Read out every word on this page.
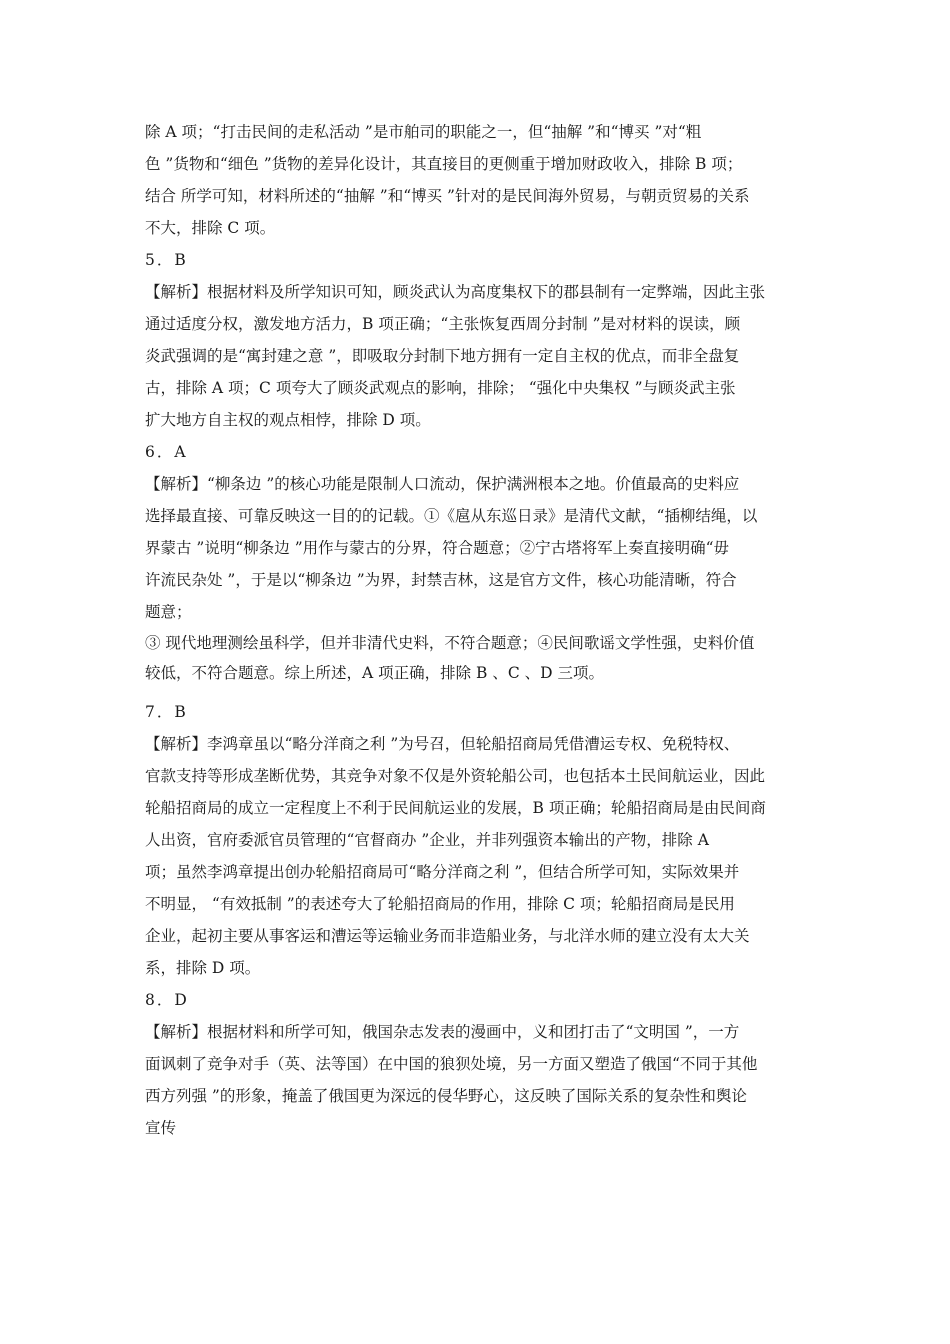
除 A 项；“打击民间的走私活动 ”是市舶司的职能之一，但“抽解 ”和“博买 ”对“粗
色 ”货物和“细色 ”货物的差异化设计，其直接目的更侧重于增加财政收入，排除 B 项；
结合 所学可知，材料所述的“抽解 ”和“博买 ”针对的是民间海外贸易，与朝贡贸易的关系
不大，排除 C 项。
5．B
【解析】根据材料及所学知识可知，顾炎武认为高度集权下的郡县制有一定弊端，因此主张
通过适度分权，激发地方活力，B 项正确；“主张恢复西周分封制 ”是对材料的误读，顾
炎武强调的是“寓封建之意 ”，即吸取分封制下地方拥有一定自主权的优点，而非全盘复
古，排除 A 项；C 项夸大了顾炎武观点的影响，排除； “强化中央集权 ”与顾炎武主张
扩大地方自主权的观点相悖，排除 D 项。
6．A
【解析】“柳条边 ”的核心功能是限制人口流动，保护满洲根本之地。价值最高的史料应
选择最直接、可靠反映这一目的的记载。①《扈从东巡日录》是清代文献，“插柳结绳，以
界蒙古 ”说明“柳条边 ”用作与蒙古的分界，符合题意；②宁古塔将军上奏直接明确“毋
许流民杂处 ”，于是以“柳条边 ”为界，封禁吉林，这是官方文件，核心功能清晰，符合
题意；
③ 现代地理测绘虽科学，但并非清代史料，不符合题意；④民间歌谣文学性强，史料价值
较低，不符合题意。综上所述，A 项正确，排除 B 、C 、D 三项。
7．B
【解析】李鸿章虽以“略分洋商之利 ”为号召，但轮船招商局凭借漕运专权、免税特权、
官款支持等形成垄断优势，其竞争对象不仅是外资轮船公司，也包括本土民间航运业，因此
轮船招商局的成立一定程度上不利于民间航运业的发展，B 项正确；轮船招商局是由民间商
人出资，官府委派官员管理的“官督商办 ”企业，并非列强资本输出的产物，排除 A
项；虽然李鸿章提出创办轮船招商局可“略分洋商之利 ”，但结合所学可知，实际效果并
不明显， “有效抵制 ”的表述夸大了轮船招商局的作用，排除 C 项；轮船招商局是民用
企业，起初主要从事客运和漕运等运输业务而非造船业务，与北洋水师的建立没有太大关
系，排除 D 项。
8．D
【解析】根据材料和所学可知，俄国杂志发表的漫画中，义和团打击了“文明国 ”，一方
面讽刺了竞争对手（英、法等国）在中国的狼狈处境，另一方面又塑造了俄国“不同于其他
西方列强 ”的形象，掩盖了俄国更为深远的侵华野心，这反映了国际关系的复杂性和舆论
宣传
